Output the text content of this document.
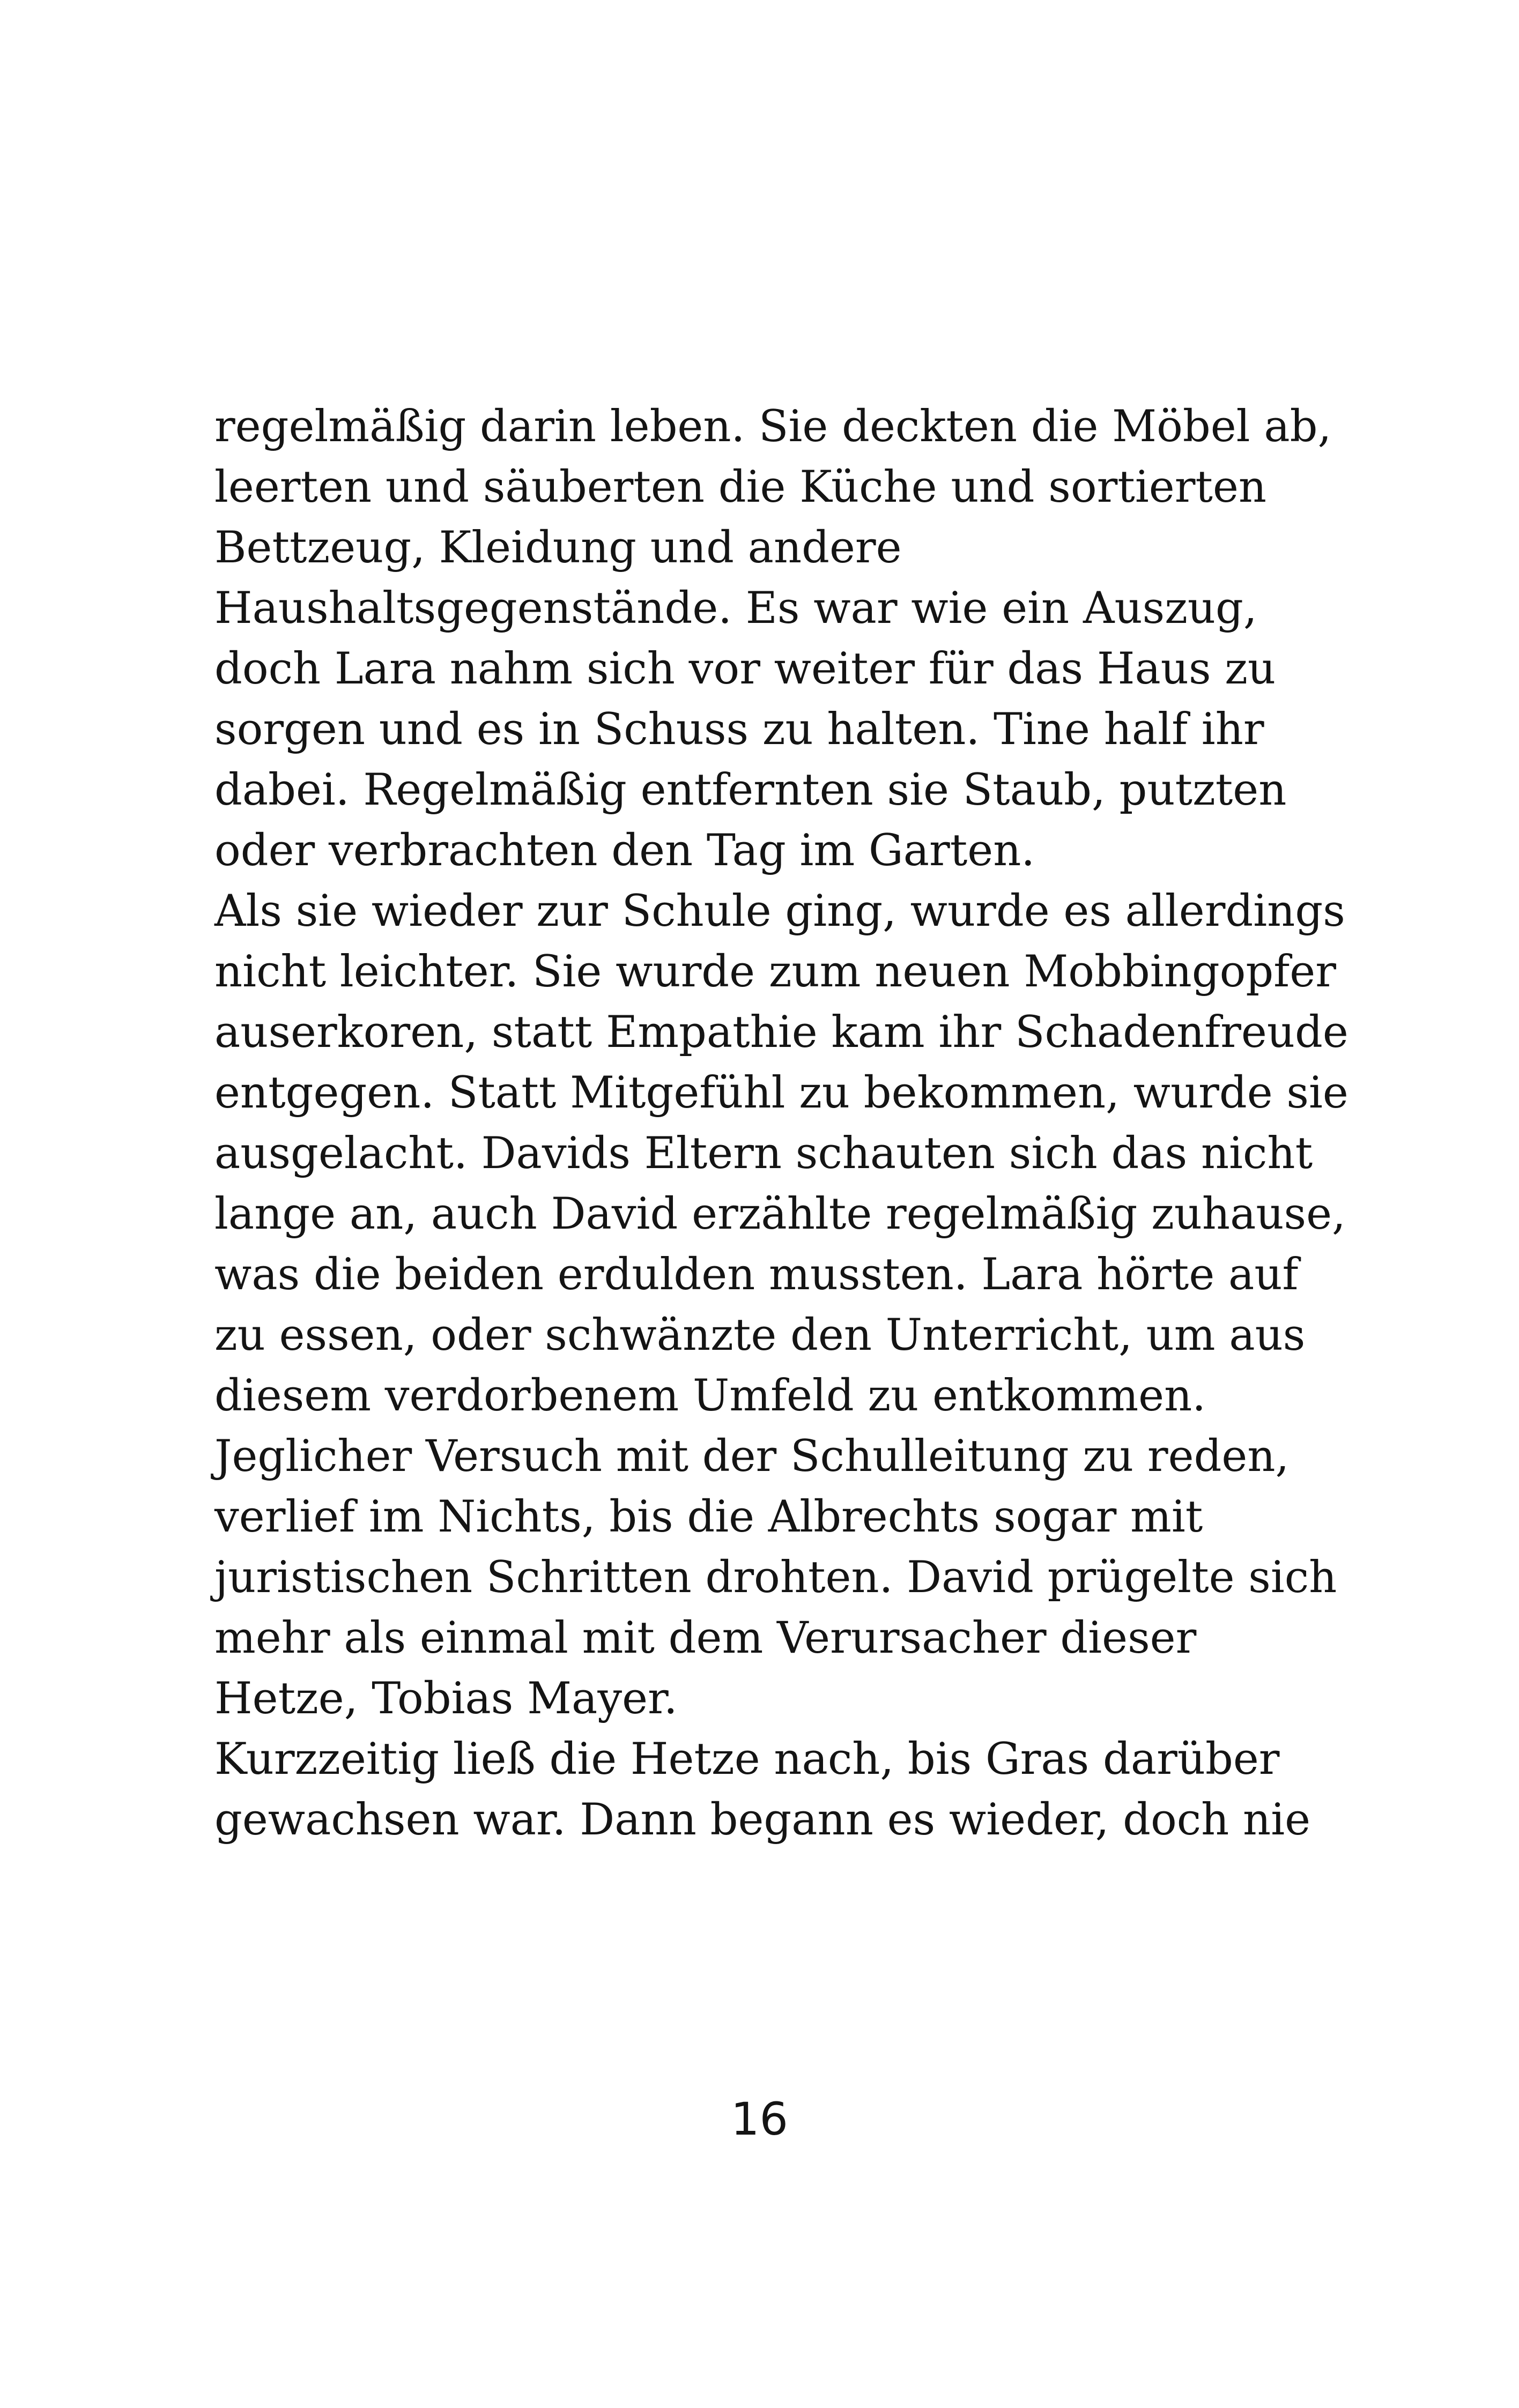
regelmäßig darin leben. Sie deckten die Möbel ab,
leerten und säuberten die Küche und sortierten
Bettzeug, Kleidung und andere
Haushaltsgegenstände. Es war wie ein Auszug,
doch Lara nahm sich vor weiter für das Haus zu
sorgen und es in Schuss zu halten. Tine half ihr
dabei. Regelmäßig entfernten sie Staub, putzten
oder verbrachten den Tag im Garten.
Als sie wieder zur Schule ging, wurde es allerdings
nicht leichter. Sie wurde zum neuen Mobbingopfer
auserkoren, statt Empathie kam ihr Schadenfreude
entgegen. Statt Mitgefühl zu bekommen, wurde sie
ausgelacht. Davids Eltern schauten sich das nicht
lange an, auch David erzählte regelmäßig zuhause,
was die beiden erdulden mussten. Lara hörte auf
zu essen, oder schwänzte den Unterricht, um aus
diesem verdorbenem Umfeld zu entkommen.
Jeglicher Versuch mit der Schulleitung zu reden,
verlief im Nichts, bis die Albrechts sogar mit
juristischen Schritten drohten. David prügelte sich
mehr als einmal mit dem Verursacher dieser
Hetze, Tobias Mayer.
Kurzzeitig ließ die Hetze nach, bis Gras darüber
gewachsen war. Dann begann es wieder, doch nie
16
